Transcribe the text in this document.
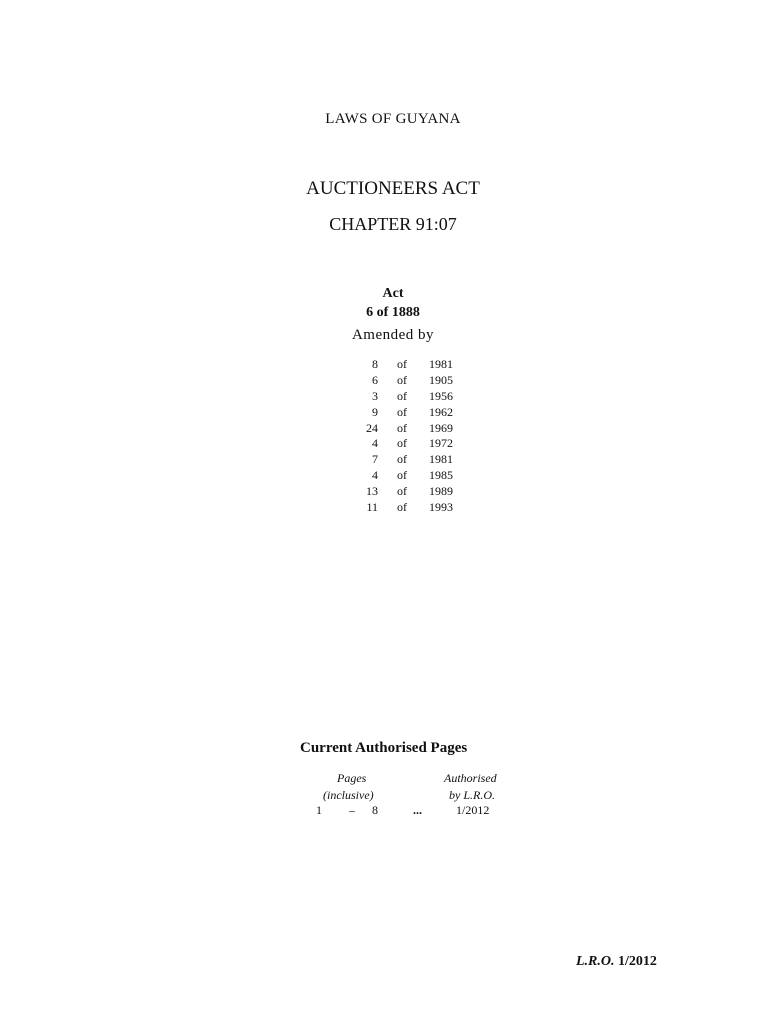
LAWS OF GUYANA
AUCTIONEERS ACT
CHAPTER 91:07
Act
6 of 1888
Amended by
8 of 1981
6 of 1905
3 of 1956
9 of 1962
24 of 1969
4 of 1972
7 of 1981
4 of 1985
13 of 1989
11 of 1993
Current Authorised Pages
Pages
(inclusive)
Authorised
by L.R.O.
1 – 8	...	1/2012
L.R.O. 1/2012
